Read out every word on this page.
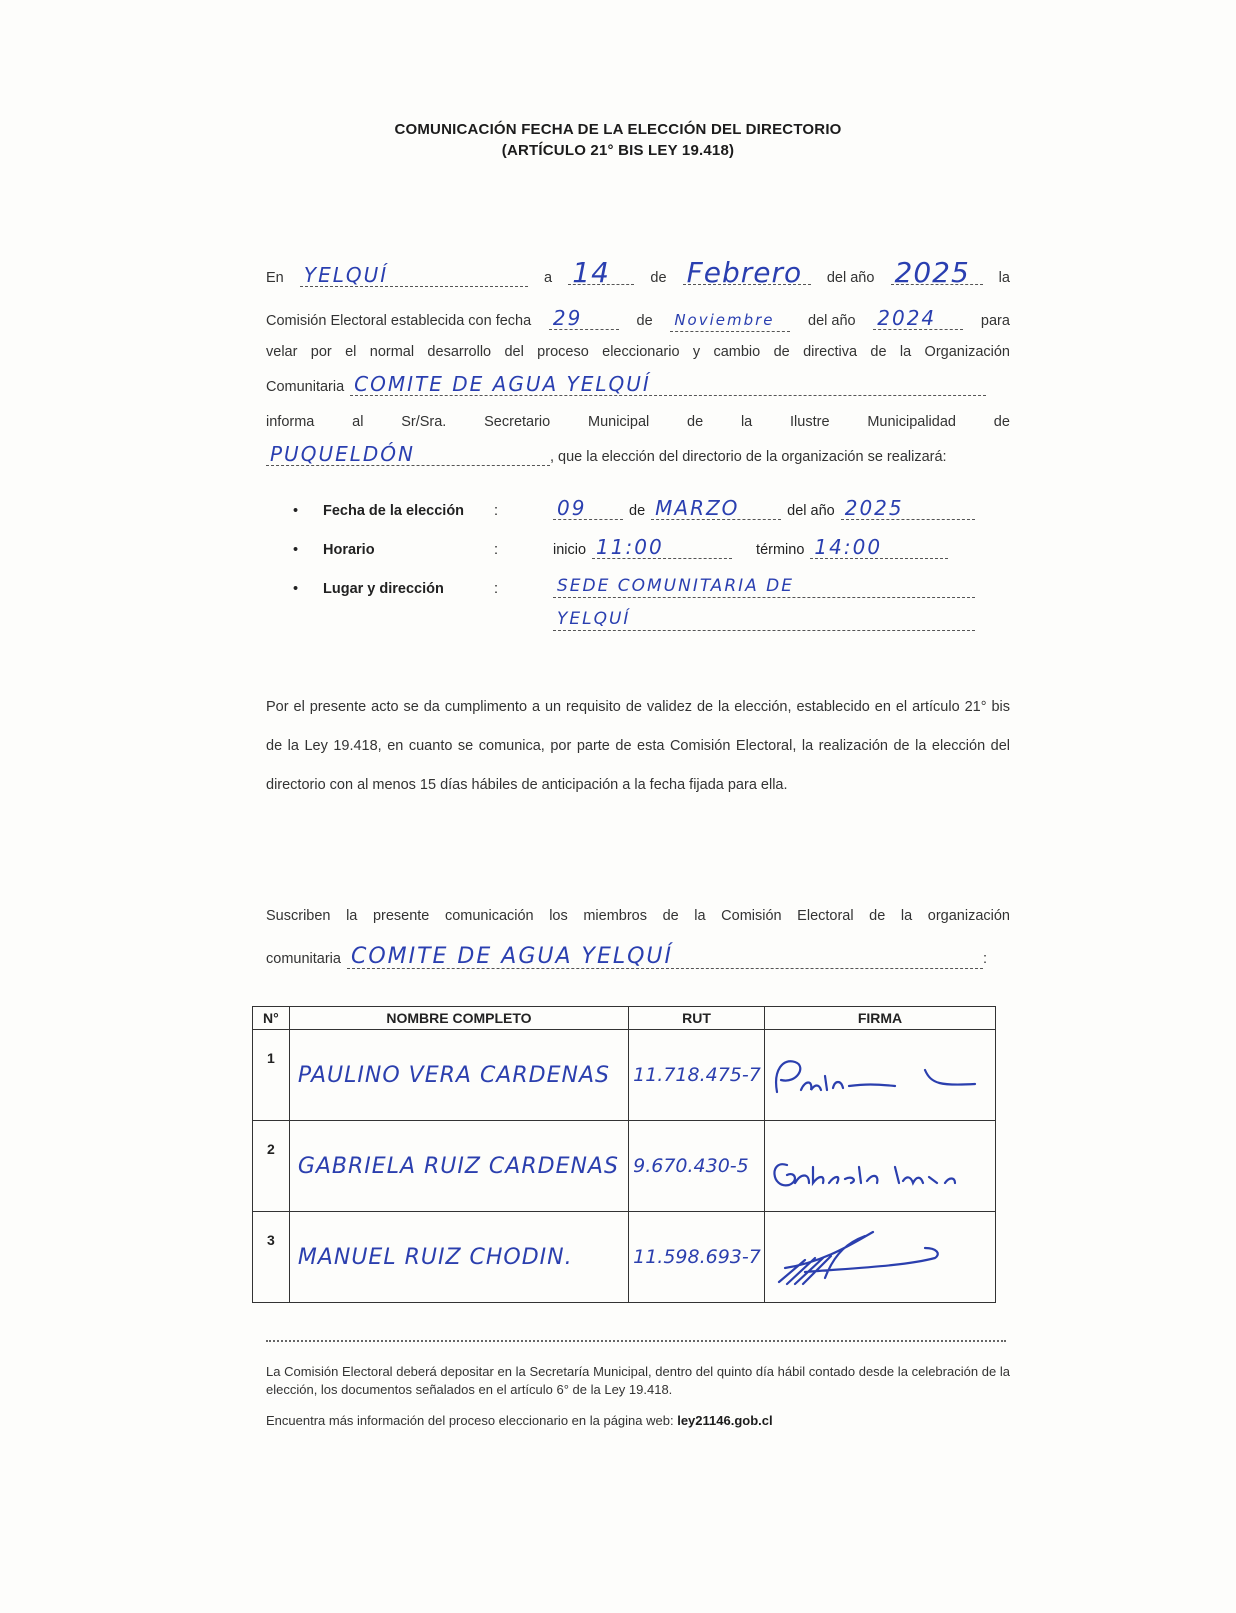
COMUNICACIÓN FECHA DE LA ELECCIÓN DEL DIRECTORIO
(ARTÍCULO 21° BIS LEY 19.418)
En YELQUÍ	a 14	de Febrero	del año 2025	la
Comisión Electoral establecida con fecha 29	de Noviembre	del año 2024	para
velar por el normal desarrollo del proceso eleccionario y cambio de directiva de la Organización
Comunitaria COMITE DE AGUA YELQUÍ
informa	al	Sr/Sra.	Secretario	Municipal	de	la	Ilustre	Municipalidad	de
PUQUELDÓN	, que la elección del directorio de la organización se realizará:
• Fecha de la elección :	09	de MARZO	del año 2025
• Horario	:	inicio 11:00	término 14:00
• Lugar y dirección	:	SEDE COMUNITARIA DE
YELQUÍ
Por el presente acto se da cumplimento a un requisito de validez de la elección, establecido en el artículo 21° bis de la Ley 19.418, en cuanto se comunica, por parte de esta Comisión Electoral, la realización de la elección del directorio con al menos 15 días hábiles de anticipación a la fecha fijada para ella.
Suscriben la presente comunicación los miembros de la Comisión Electoral de la organización
comunitaria COMITE DE AGUA YELQUÍ	:
N°	NOMBRE COMPLETO	RUT	FIRMA
1	PAULINO VERA CARDENAS	11.718.475-7	
2	GABRIELA RUIZ CARDENAS	9.670.430-5	
3	MANUEL RUIZ CHODIN.	11.598.693-7	
La Comisión Electoral deberá depositar en la Secretaría Municipal, dentro del quinto día hábil contado desde la celebración de la elección, los documentos señalados en el artículo 6° de la Ley 19.418.
Encuentra más información del proceso eleccionario en la página web: ley21146.gob.cl
